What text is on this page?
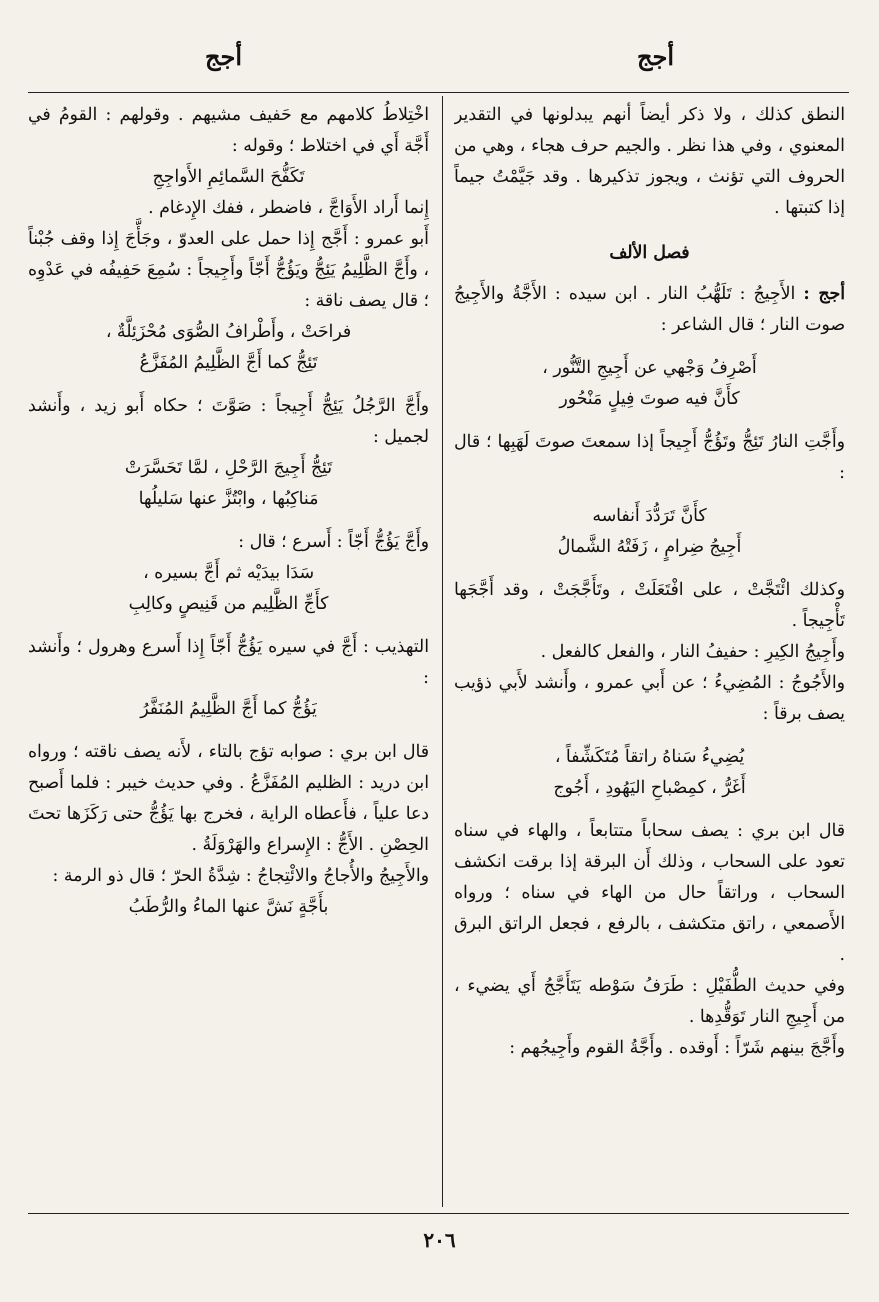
أجج
أجج

النطق كذلك ، ولا ذكر أيضاً أنهم يبدلونها في التقدير المعنوي ، وفي هذا نظر . والجيم حرف هجاء ، وهي من الحروف التي تؤنث ، ويجوز تذكيرها . وقد جَيَّمْتُ جيماً إذا كتبتها .

فصل الألف

أجج : الأَجِيجُ : تَلَهُّبُ النار . ابن سيده : الأَجَّةُ والأَجِيجُ صوت النار ؛ قال الشاعر :

أَصْرِفُ وَجْهي عن أَجِيجِ التَّنُّور ،

كأَنَّ فيه صوتَ فِيلٍ مَنْحُور

وأَجَّتِ النارُ تَئِجُّ وتَؤُجُّ أَجِيجاً إذا سمعتَ صوتَ لَهَبِها ؛ قال :

كأَنَّ تَرَدُّدَ أَنفاسه

أَجِيجُ ضِرامٍ ، زَفَتْهُ الشَّمالُ

وكذلك ائْتَجَّتْ ، على افْتَعَلَتْ ، وتَأَجَّجَتْ ، وقد أَجَّجَها تَأْجِيجاً .

وأَجِيجُ الكِيرِ : حفيفُ النار ، والفعل كالفعل .

والأَجُوجُ : المُضِيءُ ؛ عن أَبي عمرو ، وأَنشد لأَبي ذؤيب يصف برقاً :

يُضِيءُ سَناهُ راتقاً مُتَكَشِّفاً ،

أَغَرُّ ، كمِصْباحِ اليَهُودِ ، أَجُوج

قال ابن بري : يصف سحاباً متتابعاً ، والهاء في سناه تعود على السحاب ، وذلك أَن البرقة إذا برقت انكشف السحاب ، وراتقاً حال من الهاء في سناه ؛ ورواه الأَصمعي ، راتق متكشف ، بالرفع ، فجعل الراتق البرق .

وفي حديث الطُّفَيْلِ : طَرَفُ سَوْطه يَتَأَجَّجُ أَي يضيء ، من أَجِيجِ النار تَوَقُّدِها .

وأَجَّجَ بينهم شَرّاً : أَوقده . وأَجَّةُ القوم وأَجِيجُهم :

اخْتِلاطُ كلامهم مع حَفيف مشيهم . وقولهم : القومُ في أَجَّة أَي في اختلاط ؛ وقوله :

تَكَفُّحَ السَّمائِمِ الأَواجِجِ

إِنما أَراد الأَوَاجَّ ، فاضطر ، ففك الإِدغام .

أَبو عمرو : أَجَّج إِذا حمل على العدوّ ، وجَأَّجَ إِذا وقف جُبْناً ، وأَجَّ الظَّلِيمُ يَئِجُّ ويَؤُجُّ أَجّاً وأَجِيجاً : سُمِعَ حَفِيفُه في عَدْوِه ؛ قال يصف ناقة :

فراحَتْ ، وأَطْرافُ الصُّوَى مُحْزَئِلَّةٌ ،

تَئِجُّ كما أَجَّ الظَّلِيمُ المُفَزَّعُ

وأَجَّ الرَّجُلُ يَئِجُّ أَجِيجاً : صَوَّتَ ؛ حكاه أَبو زيد ، وأَنشد لجميل :

تَئِجُّ أَجِيجَ الرَّحْلِ ، لمَّا تَحَسَّرَتْ

مَناكِبُها ، وابْتُزَّ عنها سَليلُها

وأَجَّ يَؤُجُّ أَجّاً : أَسرع ؛ قال :

سَدَا بيدَيْه ثم أَجَّ بسيره ،

كأَجِّ الظَّلِيم من قَنِيصٍ وكالِبِ

التهذيب : أَجَّ في سيره يَؤُجُّ أَجّاً إِذا أَسرع وهرول ؛ وأَنشد :

يَؤُجُّ كما أَجَّ الظَّلِيمُ المُنَفَّرُ

قال ابن بري : صوابه تؤج بالتاء ، لأَنه يصف ناقته ؛ ورواه ابن دريد : الظليم المُفَزَّعُ . وفي حديث خيبر : فلما أَصبح دعا علياً ، فأَعطاه الراية ، فخرج بها يَؤُجُّ حتى رَكَزَها تحتَ الحِصْنِ . الأَجُّ : الإِسراع والهَرْوَلَةُ .

والأَجِيجُ والأُجاجُ والائْتِجاجُ : شِدَّةُ الحرّ ؛ قال ذو الرمة :

بأَجَّةٍ نَشَّ عنها الماءُ والرُّطَبُ

٢٠٦
